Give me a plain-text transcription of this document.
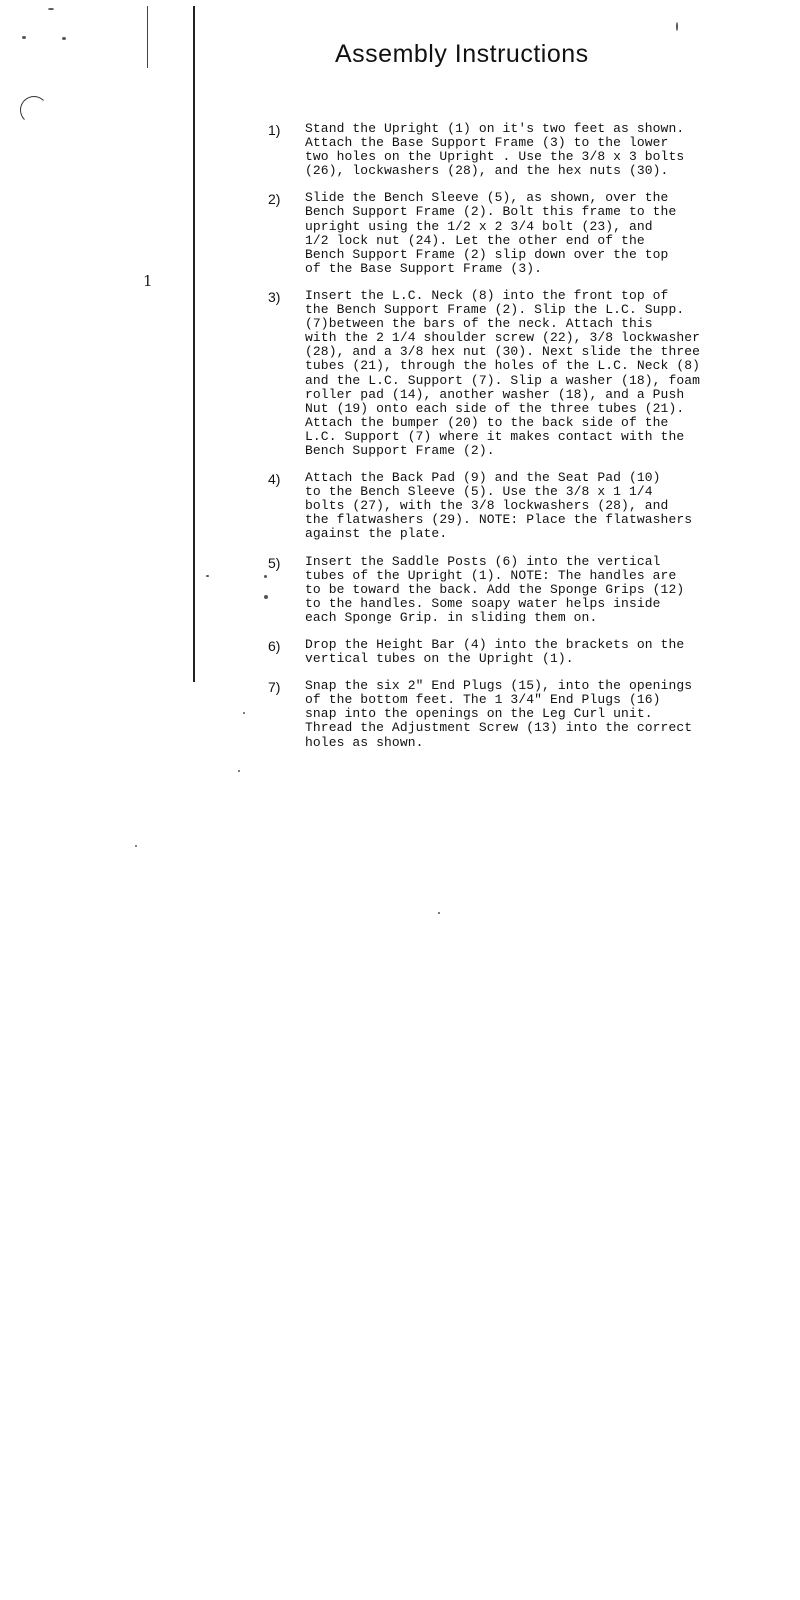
1
Assembly Instructions
1)	Stand the Upright (1) on it's two feet as shown.
Attach the Base Support Frame (3) to the lower
two holes on the Upright . Use the 3/8 x 3 bolts
(26), lockwashers (28), and the hex nuts (30).
2)	Slide the Bench Sleeve (5), as shown, over the
Bench Support Frame (2). Bolt this frame to the
upright using the 1/2 x 2 3/4 bolt (23), and
1/2 lock nut (24). Let the other end of the
Bench Support Frame (2) slip down over the top
of the Base Support Frame (3).
3)	Insert the L.C. Neck (8) into the front top of
the Bench Support Frame (2). Slip the L.C. Supp.
(7)between the bars of the neck. Attach this
with the 2 1/4 shoulder screw (22), 3/8 lockwasher
(28), and a 3/8 hex nut (30). Next slide the three
tubes (21), through the holes of the L.C. Neck (8)
and the L.C. Support (7). Slip a washer (18), foam
roller pad (14), another washer (18), and a Push
Nut (19) onto each side of the three tubes (21).
Attach the bumper (20) to the back side of the
L.C. Support (7) where it makes contact with the
Bench Support Frame (2).
4)	Attach the Back Pad (9) and the Seat Pad (10)
to the Bench Sleeve (5). Use the 3/8 x 1 1/4
bolts (27), with the 3/8 lockwashers (28), and
the flatwashers (29). NOTE: Place the flatwashers
against the plate.
5)	Insert the Saddle Posts (6) into the vertical
tubes of the Upright (1). NOTE: The handles are
to be toward the back. Add the Sponge Grips (12)
to the handles. Some soapy water helps inside
each Sponge Grip. in sliding them on.
6)	Drop the Height Bar (4) into the brackets on the
vertical tubes on the Upright (1).
7)	Snap the six 2" End Plugs (15), into the openings
of the bottom feet. The 1 3/4" End Plugs (16)
snap into the openings on the Leg Curl unit.
Thread the Adjustment Screw (13) into the correct
holes as shown.
